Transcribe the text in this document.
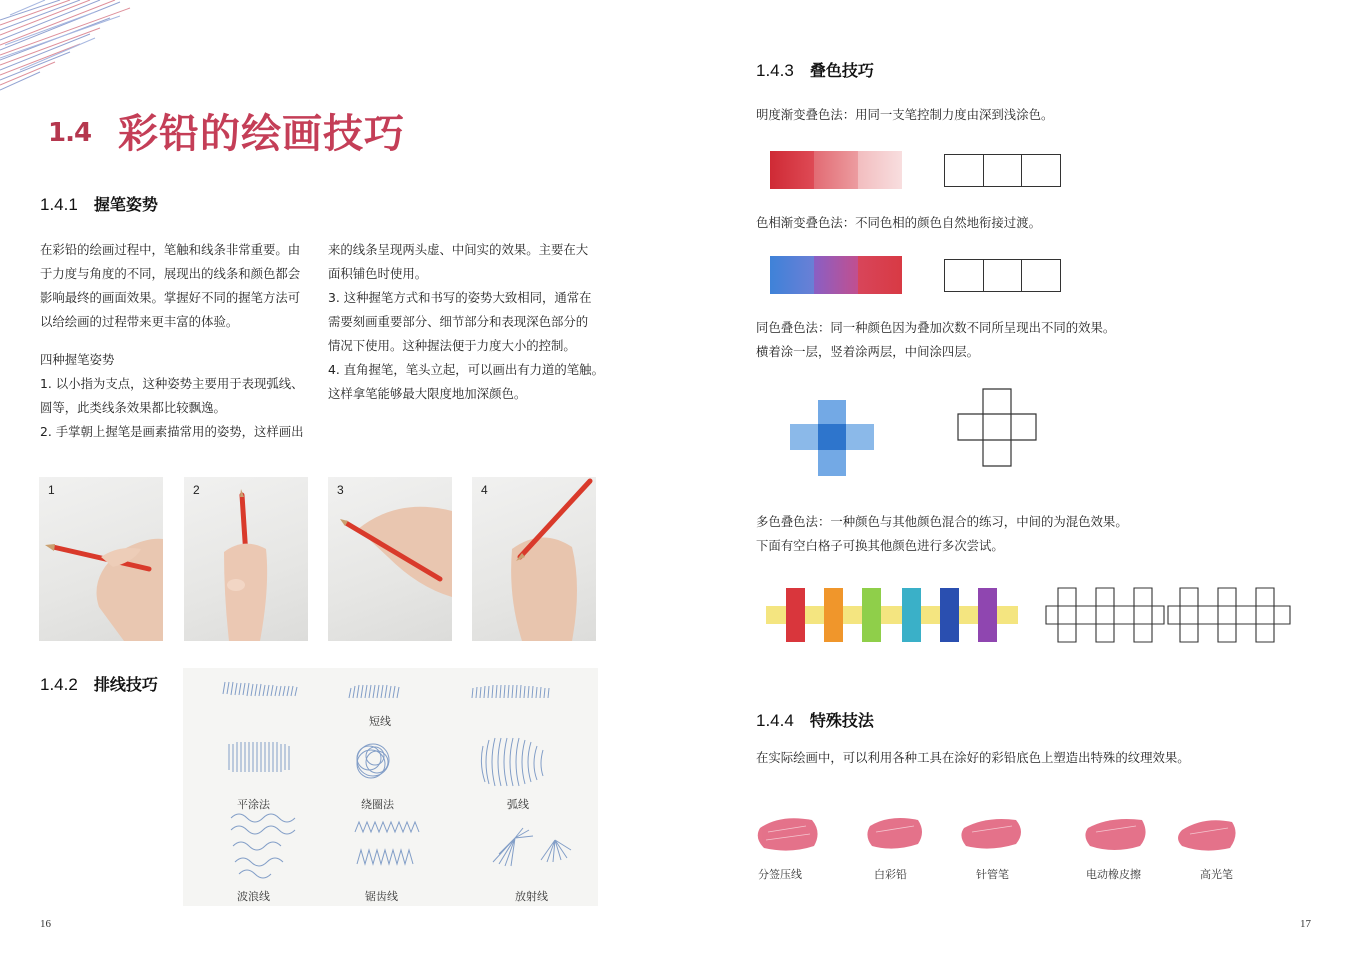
1.4 彩铅的绘画技巧
1.4.1 握笔姿势

在彩铅的绘画过程中，笔触和线条非常重要。由

于力度与角度的不同，展现出的线条和颜色都会

影响最终的画面效果。掌握好不同的握笔方法可

以给绘画的过程带来更丰富的体验。

四种握笔姿势

1. 以小指为支点，这种姿势主要用于表现弧线、

圆等，此类线条效果都比较飘逸。

2. 手掌朝上握笔是画素描常用的姿势，这样画出

来的线条呈现两头虚、中间实的效果。主要在大

面积铺色时使用。

3. 这种握笔方式和书写的姿势大致相同，通常在

需要刻画重要部分、细节部分和表现深色部分的

情况下使用。这种握法便于力度大小的控制。

4. 直角握笔，笔头立起，可以画出有力道的笔触。

这样拿笔能够最大限度地加深颜色。

1	2	3	4
1.4.2 排线技巧
短线
平涂法	绕圈法	弧线
波浪线	锯齿线	放射线
16
1.4.3 叠色技巧
明度渐变叠色法：用同一支笔控制力度由深到浅涂色。
色相渐变叠色法：不同色相的颜色自然地衔接过渡。
同色叠色法：同一种颜色因为叠加次数不同所呈现出不同的效果。
横着涂一层，竖着涂两层，中间涂四层。
多色叠色法：一种颜色与其他颜色混合的练习，中间的为混色效果。
下面有空白格子可换其他颜色进行多次尝试。
1.4.4 特殊技法
在实际绘画中，可以利用各种工具在涂好的彩铅底色上塑造出特殊的纹理效果。
分签压线	白彩铅	针管笔	电动橡皮擦	高光笔
17
